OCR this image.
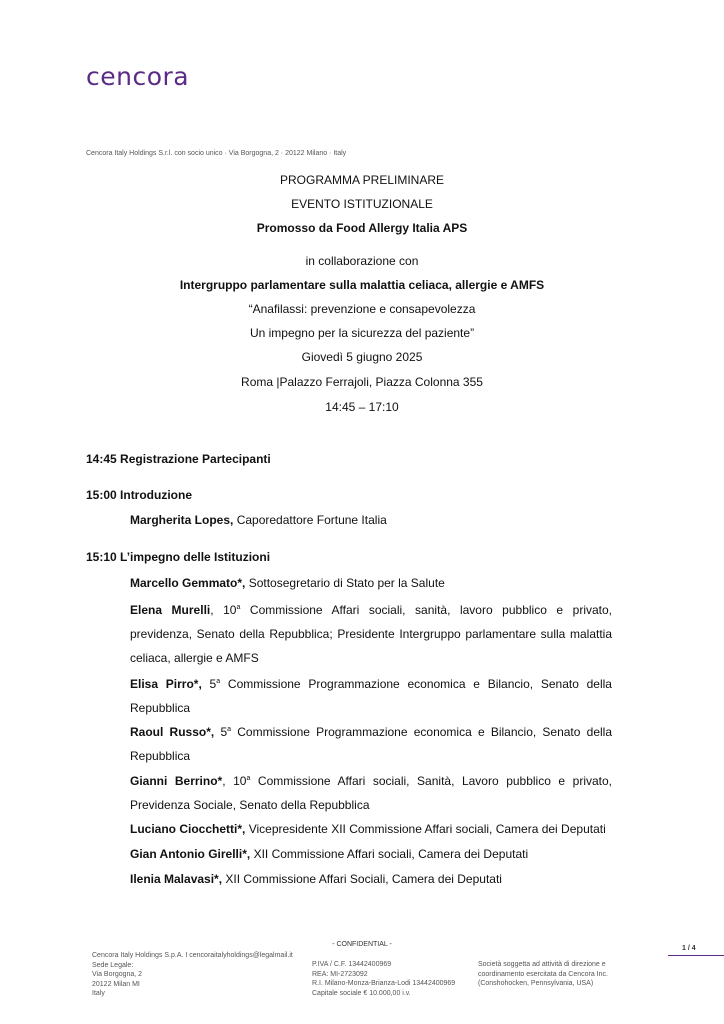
cencora
Cencora Italy Holdings S.r.l. con socio unico · Via Borgogna, 2 · 20122 Milano · Italy
PROGRAMMA PRELIMINARE
EVENTO ISTITUZIONALE
Promosso da Food Allergy Italia APS
in collaborazione con
Intergruppo parlamentare sulla malattia celiaca, allergie e AMFS
“Anafilassi: prevenzione e consapevolezza
Un impegno per la sicurezza del paziente”
Giovedì 5 giugno 2025
Roma |Palazzo Ferrajoli, Piazza Colonna 355
14:45 – 17:10
14:45 Registrazione Partecipanti
15:00 Introduzione
Margherita Lopes, Caporedattore Fortune Italia
15:10 L’impegno delle Istituzioni
Marcello Gemmato*, Sottosegretario di Stato per la Salute
Elena Murelli, 10$^a$ Commissione Affari sociali, sanità, lavoro pubblico e privato, previdenza, Senato della Repubblica; Presidente Intergruppo parlamentare sulla malattia celiaca, allergie e AMFS
Elisa Pirro*, 5$^a$ Commissione Programmazione economica e Bilancio, Senato della Repubblica
Raoul Russo*, 5$^a$ Commissione Programmazione economica e Bilancio, Senato della Repubblica
Gianni Berrino*, 10$^a$ Commissione Affari sociali, Sanità, Lavoro pubblico e privato, Previdenza Sociale, Senato della Repubblica
Luciano Ciocchetti*, Vicepresidente XII Commissione Affari sociali, Camera dei Deputati
Gian Antonio Girelli*, XII Commissione Affari sociali, Camera dei Deputati
Ilenia Malavasi*, XII Commissione Affari Sociali, Camera dei Deputati
- CONFIDENTIAL -
Cencora Italy Holdings S.p.A. I cencoraitalyholdings@legalmail.it
Sede Legale:
Via Borgogna, 2
20122 Milan MI
Italy
P.IVA / C.F. 13442400969
REA: MI-2723092
R.I. Milano-Monza-Brianza-Lodi 13442400969
Capitale sociale € 10.000,00 i.v.
Società soggetta ad attività di direzione e
coordinamento esercitata da Cencora Inc.
(Conshohocken, Pennsylvania, USA)
1 / 4
